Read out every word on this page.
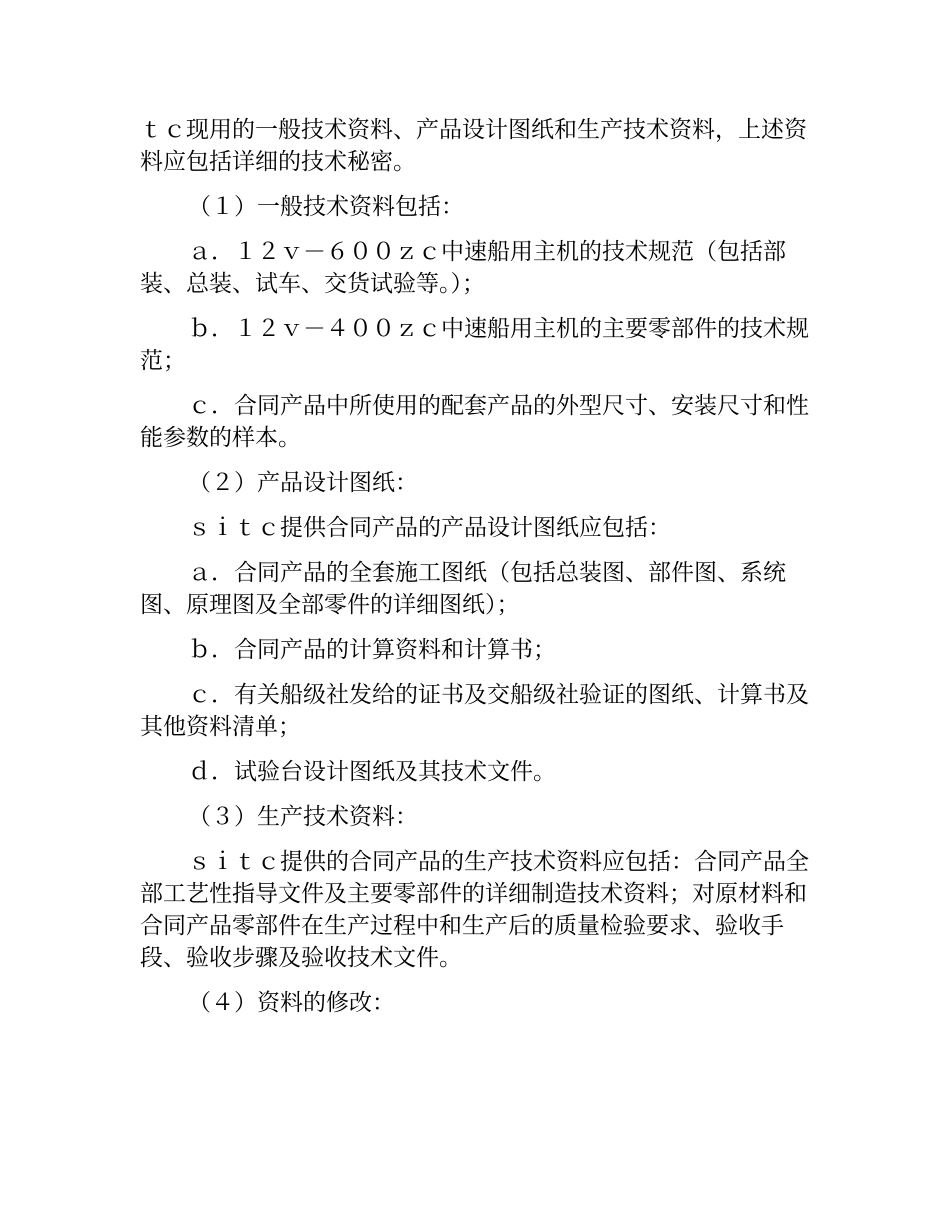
ｔｃ现用的一般技术资料、产品设计图纸和生产技术资料，上述资料应包括详细的技术秘密。

（１）一般技术资料包括：

ａ．１２ｖ－６００ｚｃ中速船用主机的技术规范（包括部装、总装、试车、交货试验等。）；

ｂ．１２ｖ－４００ｚｃ中速船用主机的主要零部件的技术规范；

ｃ．合同产品中所使用的配套产品的外型尺寸、安装尺寸和性能参数的样本。

（２）产品设计图纸：

ｓｉｔｃ提供合同产品的产品设计图纸应包括：

ａ．合同产品的全套施工图纸（包括总装图、部件图、系统图、原理图及全部零件的详细图纸）；

ｂ．合同产品的计算资料和计算书；

ｃ．有关船级社发给的证书及交船级社验证的图纸、计算书及其他资料清单；

ｄ．试验台设计图纸及其技术文件。

（３）生产技术资料：

ｓｉｔｃ提供的合同产品的生产技术资料应包括：合同产品全部工艺性指导文件及主要零部件的详细制造技术资料；对原材料和合同产品零部件在生产过程中和生产后的质量检验要求、验收手段、验收步骤及验收技术文件。

（４）资料的修改：
